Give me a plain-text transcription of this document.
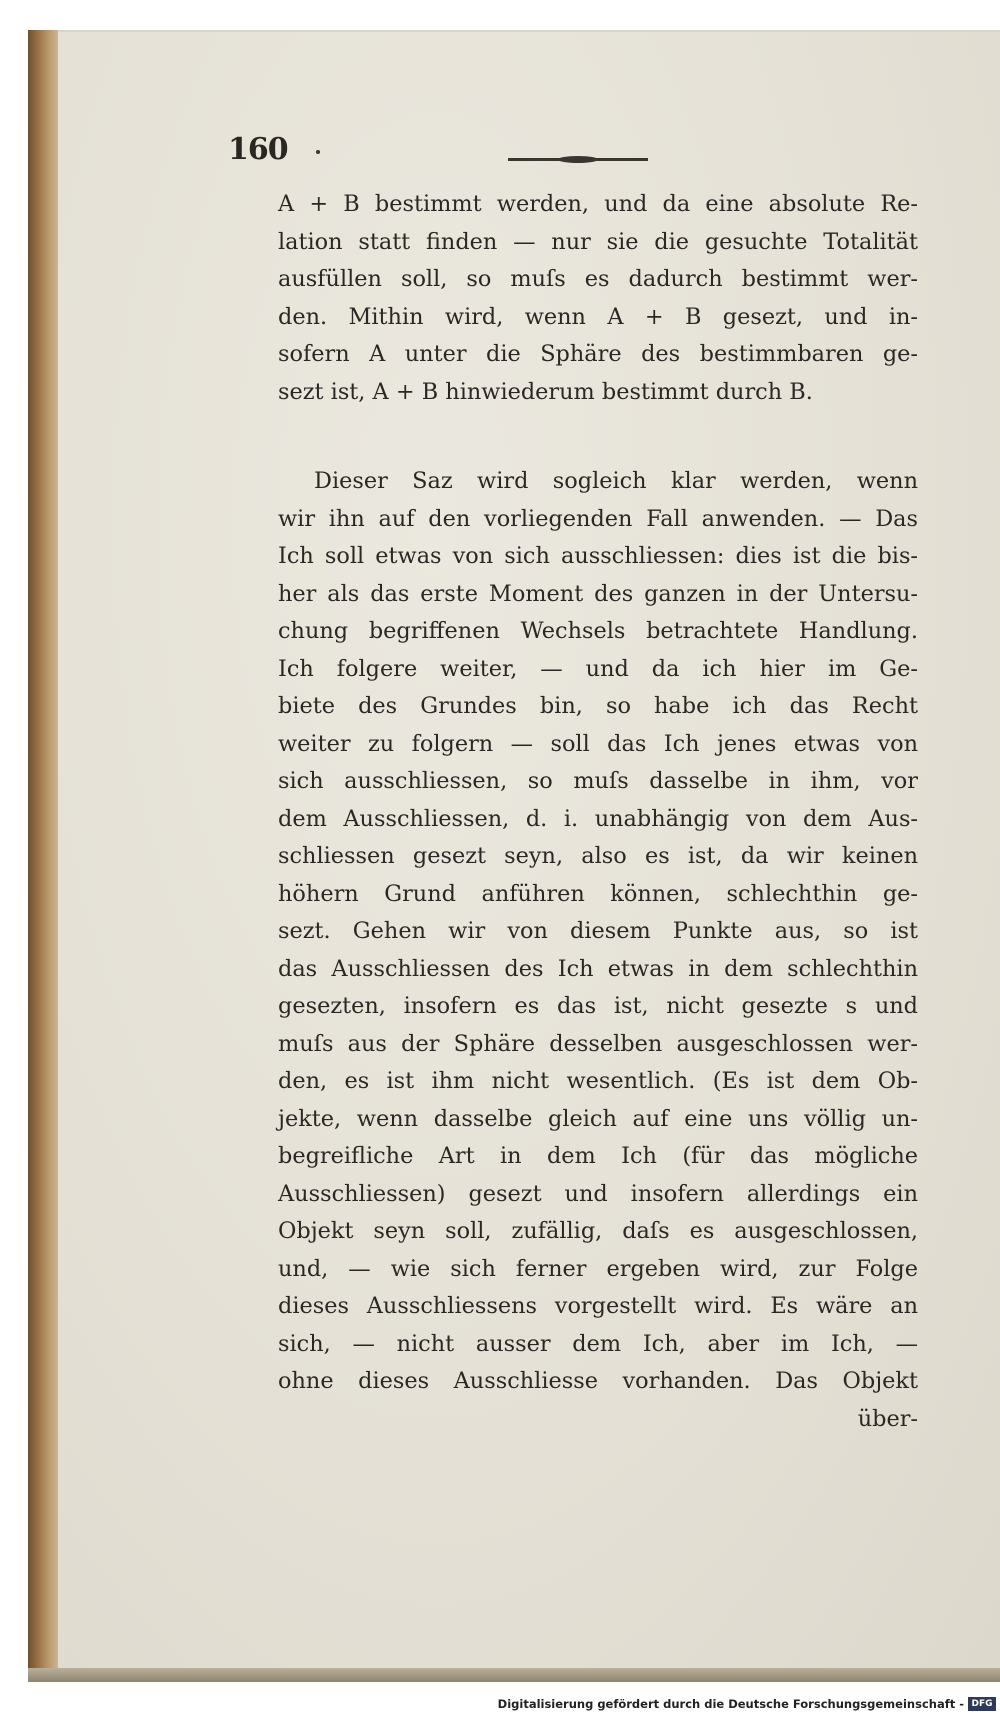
160
A + B bestimmt werden, und da eine absolute Re-
lation statt finden — nur sie die gesuchte Totalität
ausfüllen soll, so muſs es dadurch bestimmt wer-
den. Mithin wird, wenn A + B gesezt, und in-
sofern A unter die Sphäre des bestimmbaren ge-
sezt ist, A + B hinwiederum bestimmt durch B.
Dieser Saz wird sogleich klar werden, wenn
wir ihn auf den vorliegenden Fall anwenden. — Das
Ich soll etwas von sich ausschliessen: dies ist die bis-
her als das erste Moment des ganzen in der Untersu-
chung begriffenen Wechsels betrachtete Handlung.
Ich folgere weiter, — und da ich hier im Ge-
biete des Grundes bin, so habe ich das Recht
weiter zu folgern — soll das Ich jenes etwas von
sich ausschliessen, so muſs dasselbe in ihm, vor
dem Ausschliessen, d. i. unabhängig von dem Aus-
schliessen gesezt seyn, also es ist, da wir keinen
höhern Grund anführen können, schlechthin ge-
sezt. Gehen wir von diesem Punkte aus, so ist
das Ausschliessen des Ich etwas in dem schlechthin
gesezten, insofern es das ist, nicht gesezte s und
muſs aus der Sphäre desselben ausgeschlossen wer-
den, es ist ihm nicht wesentlich. (Es ist dem Ob-
jekte, wenn dasselbe gleich auf eine uns völlig un-
begreifliche Art in dem Ich (für das mögliche
Ausschliessen) gesezt und insofern allerdings ein
Objekt seyn soll, zufällig, daſs es ausgeschlossen,
und, — wie sich ferner ergeben wird, zur Folge
dieses Ausschliessens vorgestellt wird. Es wäre an
sich, — nicht ausser dem Ich, aber im Ich, —
ohne dieses Ausschliesse vorhanden. Das Objekt
über-
Digitalisierung gefördert durch die Deutsche Forschungsgemeinschaft - DFG
